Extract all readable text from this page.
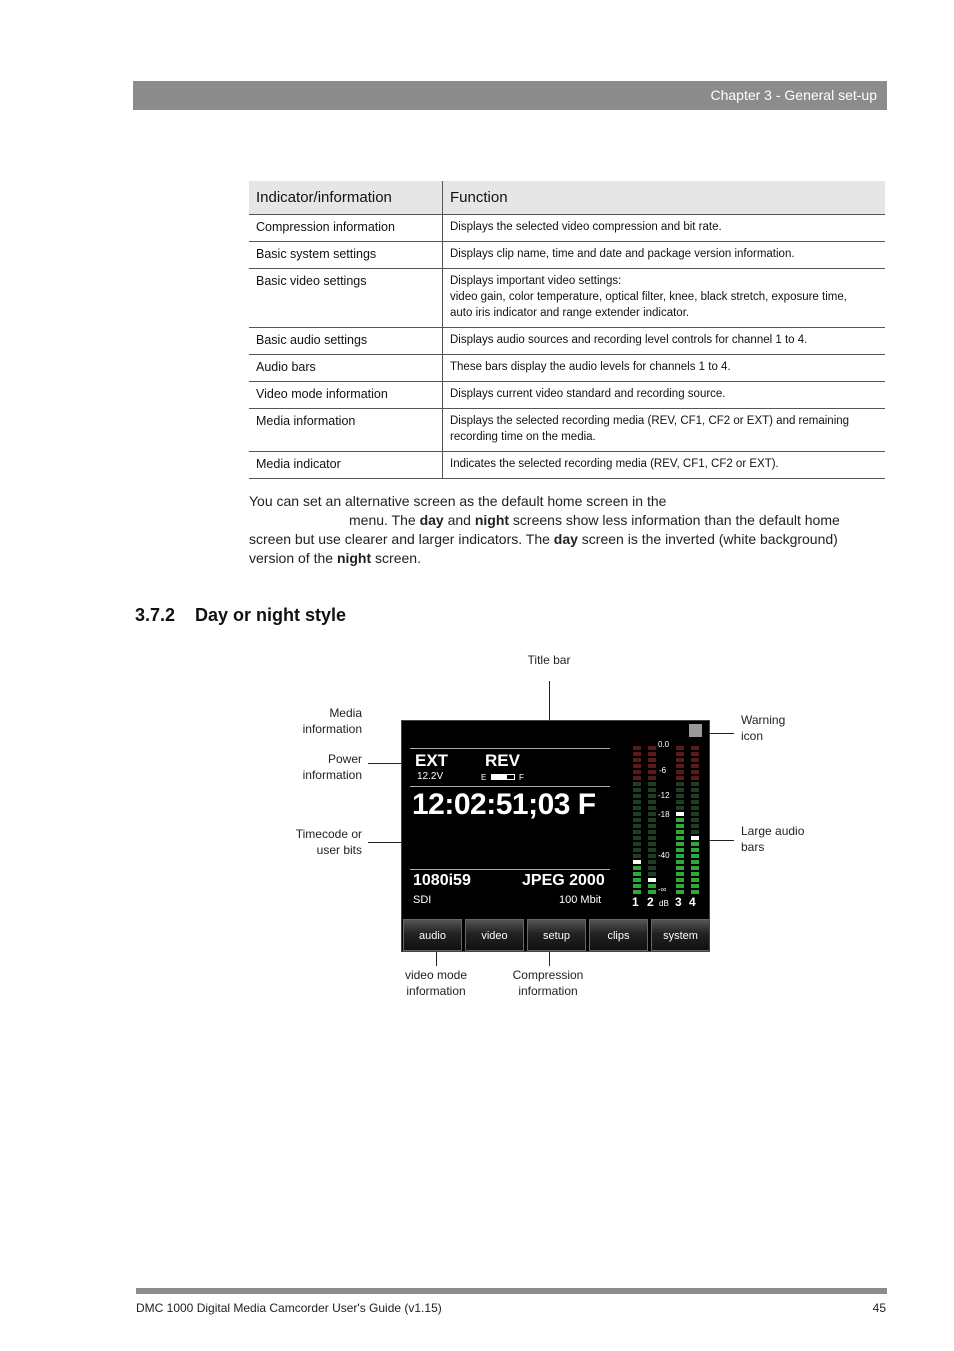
Chapter 3 - General set-up
Indicator/information	Function
Compression information	Displays the selected video compression and bit rate.
Basic system settings	Displays clip name, time and date and package version information.
Basic video settings	Displays important video settings:
video gain, color temperature, optical filter, knee, black stretch, exposure time,
auto iris indicator and range extender indicator.
Basic audio settings	Displays audio sources and recording level controls for channel 1 to 4.
Audio bars	These bars display the audio levels for channels 1 to 4.
Video mode information	Displays current video standard and recording source.
Media information	Displays the selected recording media (REV, CF1, CF2 or EXT) and remaining
recording time on the media.
Media indicator	Indicates the selected recording media (REV, CF1, CF2 or EXT).

You can set an alternative screen as the default home screen in the
menu. The day and night screens show less information than the default home
screen but use clearer and larger indicators. The day screen is the inverted (white background)
version of the night screen.

3.7.2 Day or night style
Title bar
Media
information
Power
information
Timecode or
user bits
Warning
icon
Large audio
bars
video mode
information
Compression
information
EXT REV
12.2V	E	F
12:02:51;03 F
1080i59	JPEG 2000
SDI	100 Mbit
0.0
-6
-12
-18
-40
-∞
1 2 dB 3 4
audio	video	setup	clips	system
DMC 1000 Digital Media Camcorder User's Guide (v1.15)	45
